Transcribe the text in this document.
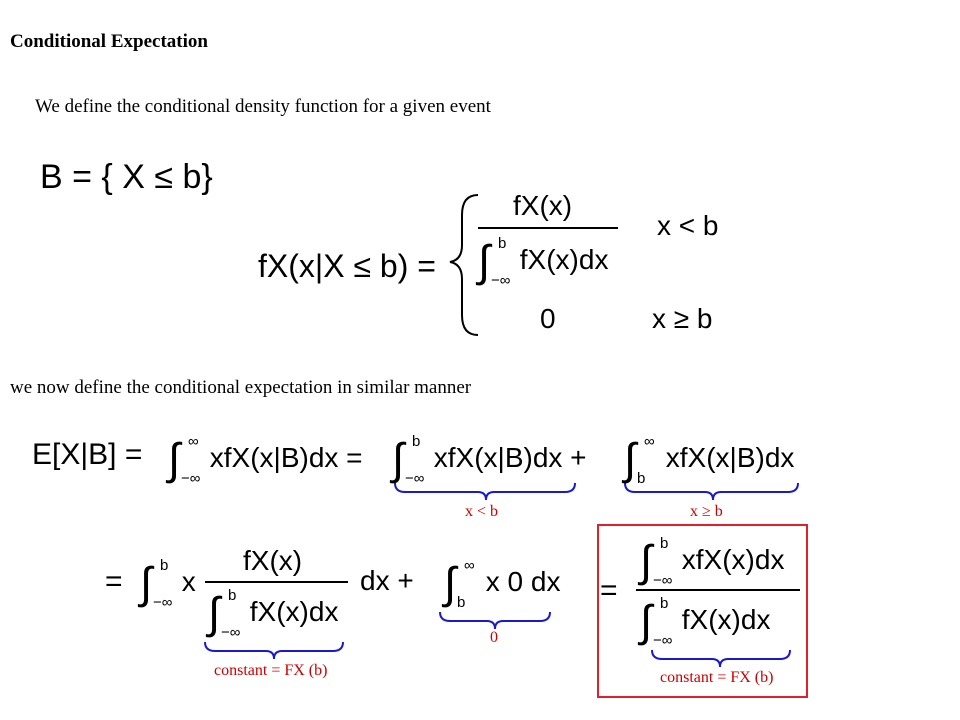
Conditional Expectation
We define the conditional density function for a given event
B = { X ≤ b}
fX(x|X ≤ b) =
fX(x)
∫ b
−∞
fX(x)dx
x < b
0	x ≥ b
we now define the conditional expectation in similar manner
E[X|B] = ∫ ∞
−∞
xfX(x|B)dx = ∫ b
−∞
xfX(x|B)dx + ∫ ∞
b
xfX(x|B)dx
x < b	x ≥ b
= ∫ b
−∞
x
fX(x)
∫ b
−∞
fX(x)dx
dx + ∫ ∞
b
x 0 dx
0
constant = FX (b)
=
∫ b
−∞
xfX(x)dx
∫ b
−∞
fX(x)dx
constant = FX (b)
